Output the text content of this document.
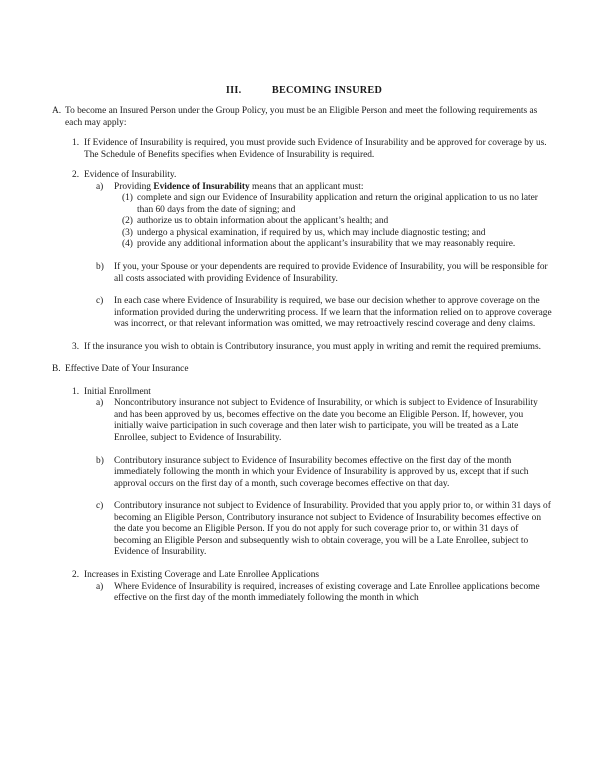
III.	BECOMING INSURED
A. To become an Insured Person under the Group Policy, you must be an Eligible Person and meet the following requirements as each may apply:
1. If Evidence of Insurability is required, you must provide such Evidence of Insurability and be approved for coverage by us. The Schedule of Benefits specifies when Evidence of Insurability is required.
2. Evidence of Insurability.
a)	Providing Evidence of Insurability means that an applicant must:
(1) complete and sign our Evidence of Insurability application and return the original application to us no later than 60 days from the date of signing; and
(2) authorize us to obtain information about the applicant’s health; and
(3) undergo a physical examination, if required by us, which may include diagnostic testing; and
(4) provide any additional information about the applicant’s insurability that we may reasonably require.
b)	If you, your Spouse or your dependents are required to provide Evidence of Insurability, you will be responsible for all costs associated with providing Evidence of Insurability.
c)	In each case where Evidence of Insurability is required, we base our decision whether to approve coverage on the information provided during the underwriting process. If we learn that the information relied on to approve coverage was incorrect, or that relevant information was omitted, we may retroactively rescind coverage and deny claims.
3. If the insurance you wish to obtain is Contributory insurance, you must apply in writing and remit the required premiums.
B. Effective Date of Your Insurance
1. Initial Enrollment
a)	Noncontributory insurance not subject to Evidence of Insurability, or which is subject to Evidence of Insurability and has been approved by us, becomes effective on the date you become an Eligible Person. If, however, you initially waive participation in such coverage and then later wish to participate, you will be treated as a Late Enrollee, subject to Evidence of Insurability.
b)	Contributory insurance subject to Evidence of Insurability becomes effective on the first day of the month immediately following the month in which your Evidence of Insurability is approved by us, except that if such approval occurs on the first day of a month, such coverage becomes effective on that day.
c)	Contributory insurance not subject to Evidence of Insurability. Provided that you apply prior to, or within 31 days of becoming an Eligible Person, Contributory insurance not subject to Evidence of Insurability becomes effective on the date you become an Eligible Person. If you do not apply for such coverage prior to, or within 31 days of becoming an Eligible Person and subsequently wish to obtain coverage, you will be a Late Enrollee, subject to Evidence of Insurability.
2. Increases in Existing Coverage and Late Enrollee Applications
a)	Where Evidence of Insurability is required, increases of existing coverage and Late Enrollee applications become effective on the first day of the month immediately following the month in which
